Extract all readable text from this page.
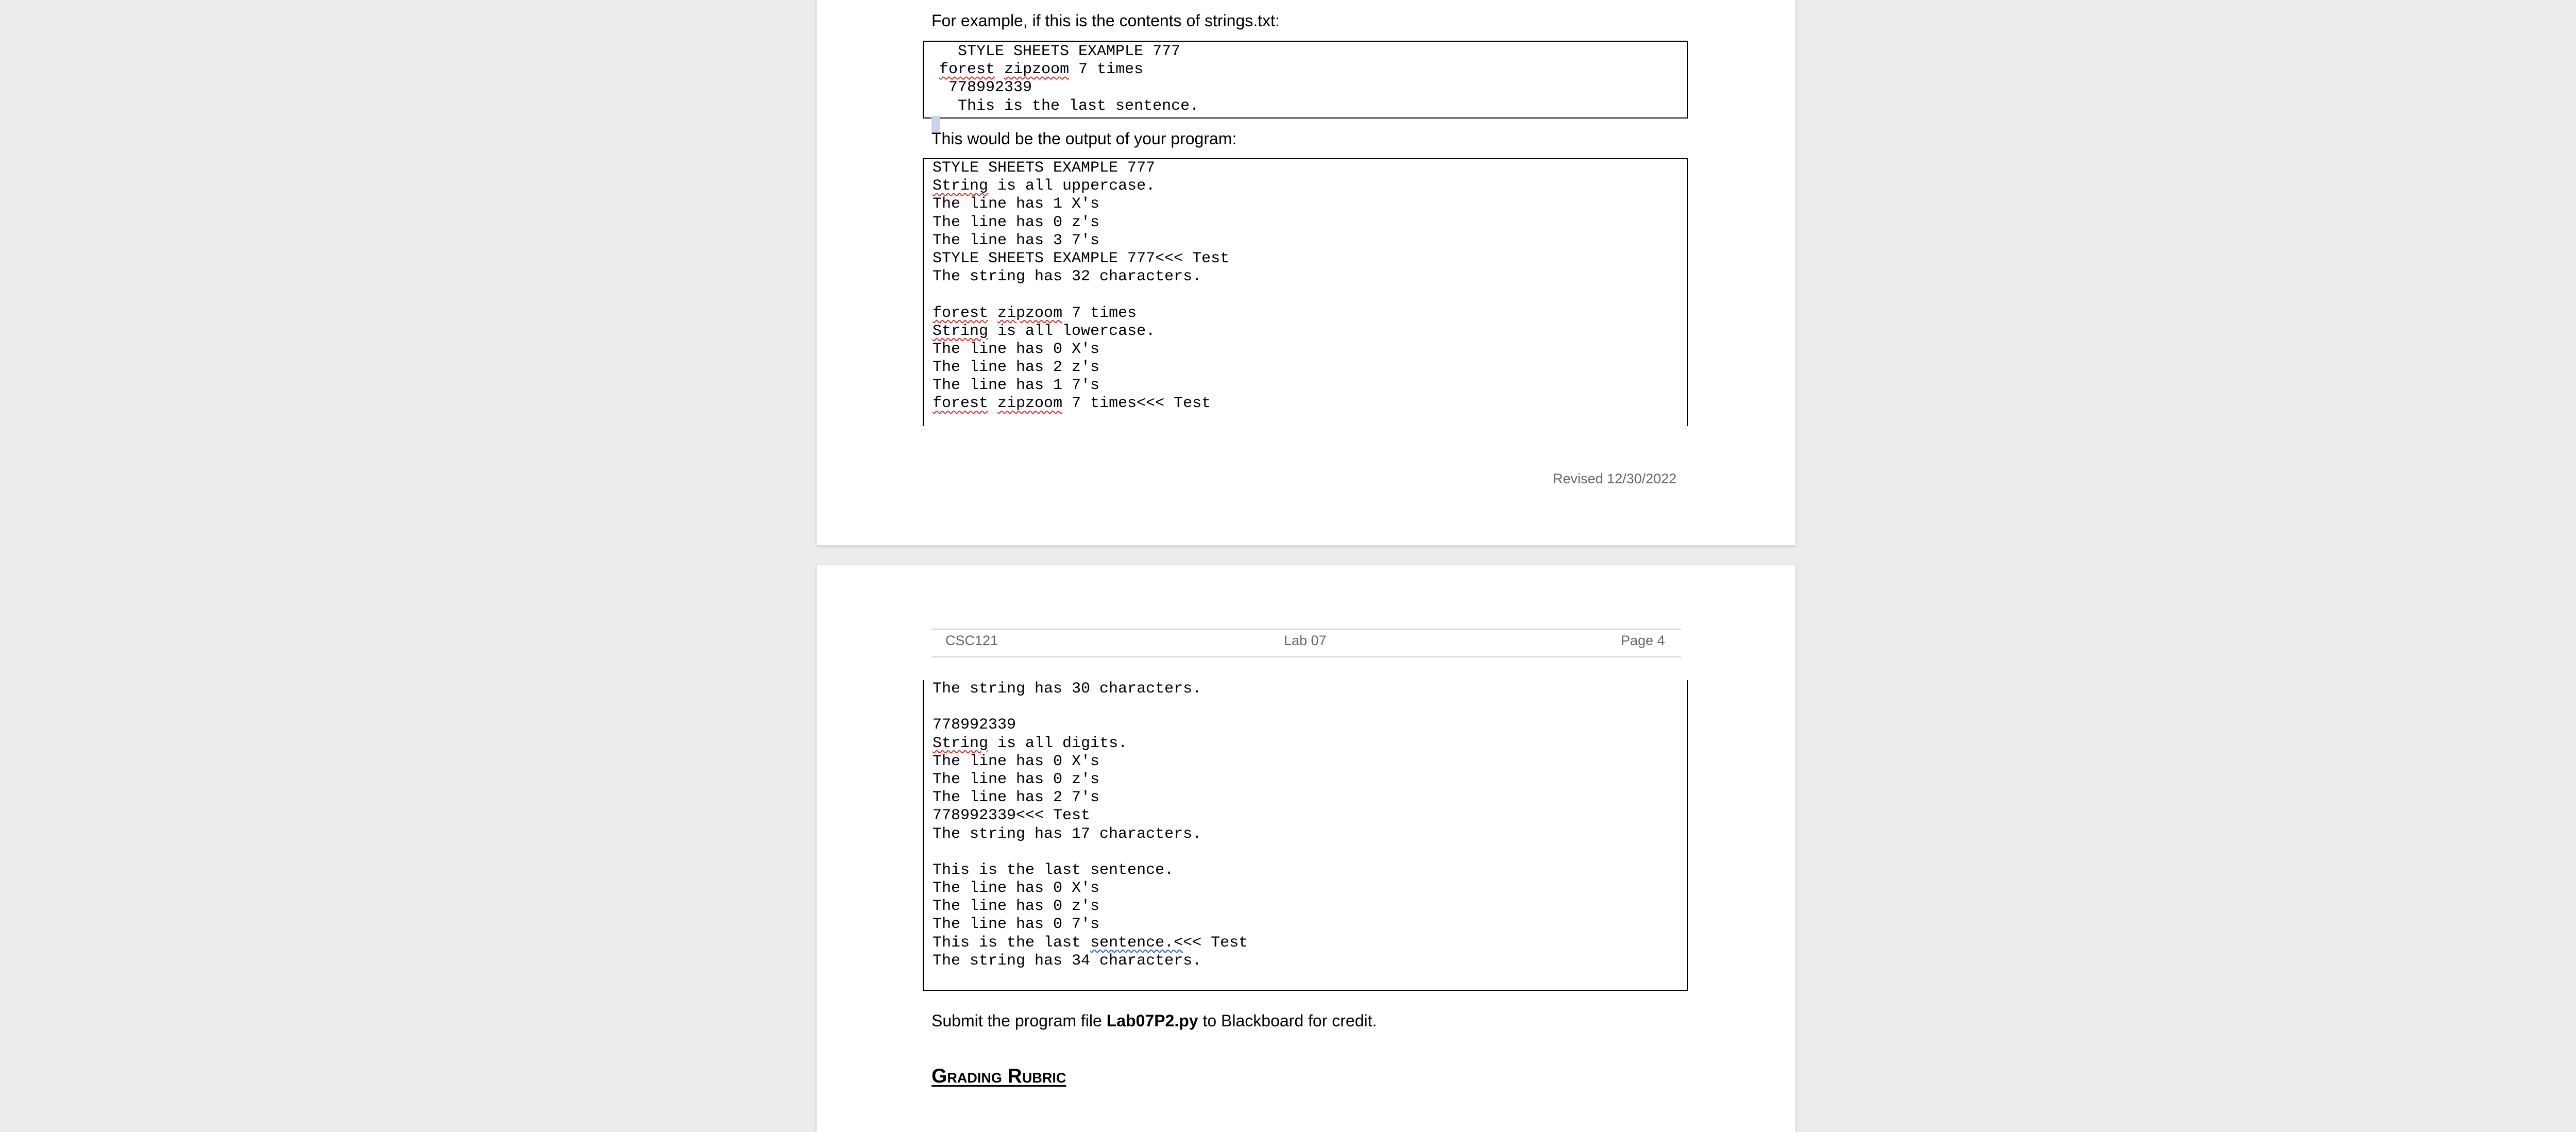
For example, if this is the contents of strings.txt:

STYLE SHEETS EXAMPLE 777
forest zipzoom 7 times
778992339
This is the last sentence.

This would be the output of your program:

STYLE SHEETS EXAMPLE 777
String is all uppercase.
The line has 1 X's
The line has 0 z's
The line has 3 7's
STYLE SHEETS EXAMPLE 777<<< Test
The string has 32 characters.
forest zipzoom 7 times
String is all lowercase.
The line has 0 X's
The line has 2 z's
The line has 1 7's
forest zipzoom 7 times<<< Test
Revised 12/30/2022
CSC121	Lab 07	Page 4
The string has 30 characters.
778992339
String is all digits.
The line has 0 X's
The line has 0 z's
The line has 2 7's
778992339<<< Test
The string has 17 characters.
This is the last sentence.
The line has 0 X's
The line has 0 z's
The line has 0 7's
This is the last sentence.<<< Test
The string has 34 characters.

Submit the program file Lab07P2.py to Blackboard for credit.

Grading Rubric
